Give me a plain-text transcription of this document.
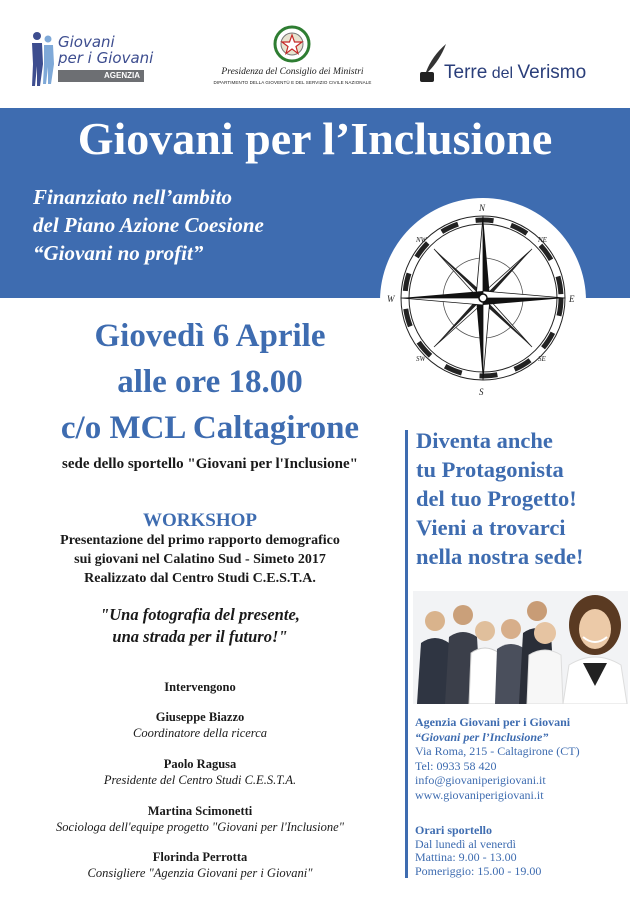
Giovani
per i Giovani
AGENZIA	Presidenza del Consiglio dei Ministri
DIPARTIMENTO DELLA GIOVENTÙ E DEL SERVIZIO CIVILE NAZIONALE	Terre del Verismo
Giovani per l’Inclusione
Finanziato nell’ambito
del Piano Azione Coesione
“Giovani no profit”
N
S
E
W
NE
NW
SE
SW
Giovedì 6 Aprile
alle ore 18.00
c/o MCL Caltagirone
sede dello sportello "Giovani per l'Inclusione"
WORKSHOP
Presentazione del primo rapporto demografico
sui giovani nel Calatino Sud - Simeto 2017
Realizzato dal Centro Studi C.E.S.T.A.
"Una fotografia del presente,
una strada per il futuro!"
Intervengono
Giuseppe Biazzo
Coordinatore della ricerca
Paolo Ragusa
Presidente del Centro Studi C.E.S.T.A.
Martina Scimonetti
Sociologa dell'equipe progetto "Giovani per l'Inclusione"
Florinda Perrotta
Consigliere "Agenzia Giovani per i Giovani"
Diventa anche
tu Protagonista
del tuo Progetto!
Vieni a trovarci
nella nostra sede!
Agenzia Giovani per i Giovani
“Giovani per l’Inclusione”
Via Roma, 215 - Caltagirone (CT)
Tel: 0933 58 420
info@giovaniperigiovani.it
www.giovaniperigiovani.it
Orari sportello
Dal lunedì al venerdì
Mattina: 9.00 - 13.00
Pomeriggio: 15.00 - 19.00
